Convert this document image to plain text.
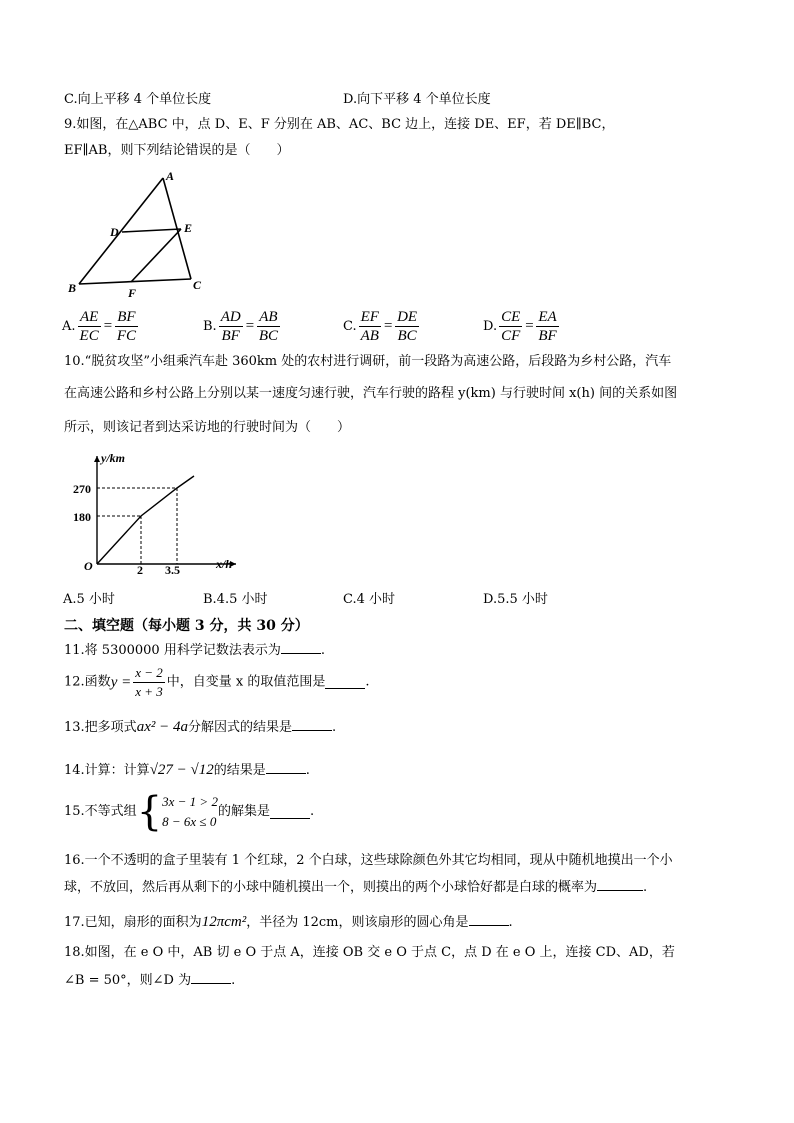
C.向上平移 4 个单位长度	D.向下平移 4 个单位长度
9.如图，在△ABC 中，点 D、E、F 分别在 AB、AC、BC 边上，连接 DE、EF，若 DE∥BC，
EF∥AB，则下列结论错误的是（　　）
A
D	E
B	F
C
A. $\frac{AE}{EC} = \frac{BF}{FC}$	B. $\frac{AD}{BF} = \frac{AB}{BC}$	C. $\frac{EF}{AB} = \frac{DE}{BC}$	D. $\frac{CE}{CF} = \frac{EA}{BF}$
10.“脱贫攻坚”小组乘汽车赴 360km 处的农村进行调研，前一段路为高速公路，后段路为乡村公路，汽车
在高速公路和乡村公路上分别以某一速度匀速行驶，汽车行驶的路程 y(km) 与行驶时间 x(h) 间的关系如图
所示，则该记者到达采访地的行驶时间为（　　）
y/km
x/h
O
270
180
2 3.5
A.5 小时	B.4.5 小时	C.4 小时	D.5.5 小时
二、填空题（每小题 3 分，共 30 分）
11.将 5300000 用科学记数法表示为	.
12.函数$y = \frac{x - 2}{x + 3}$ 中，自变量 x 的取值范围是	.
13.把多项式ax² − 4a分解因式的结果是	.
14.计算：计算√27 − √12的结果是	.
15.不等式组{ 3x − 1 > 2
8 − 6x ≤ 0
的解集是	.
16.一个不透明的盒子里装有 1 个红球，2 个白球，这些球除颜色外其它均相同，现从中随机地摸出一个小
球，不放回，然后再从剩下的小球中随机摸出一个，则摸出的两个小球恰好都是白球的概率为	.
17.已知，扇形的面积为12πcm²，半径为 12cm，则该扇形的圆心角是	.
18.如图，在 e O 中，AB 切 e O 于点 A，连接 OB 交 e O 于点 C，点 D 在 e O 上，连接 CD、AD，若
∠B = 50°，则∠D 为	.
